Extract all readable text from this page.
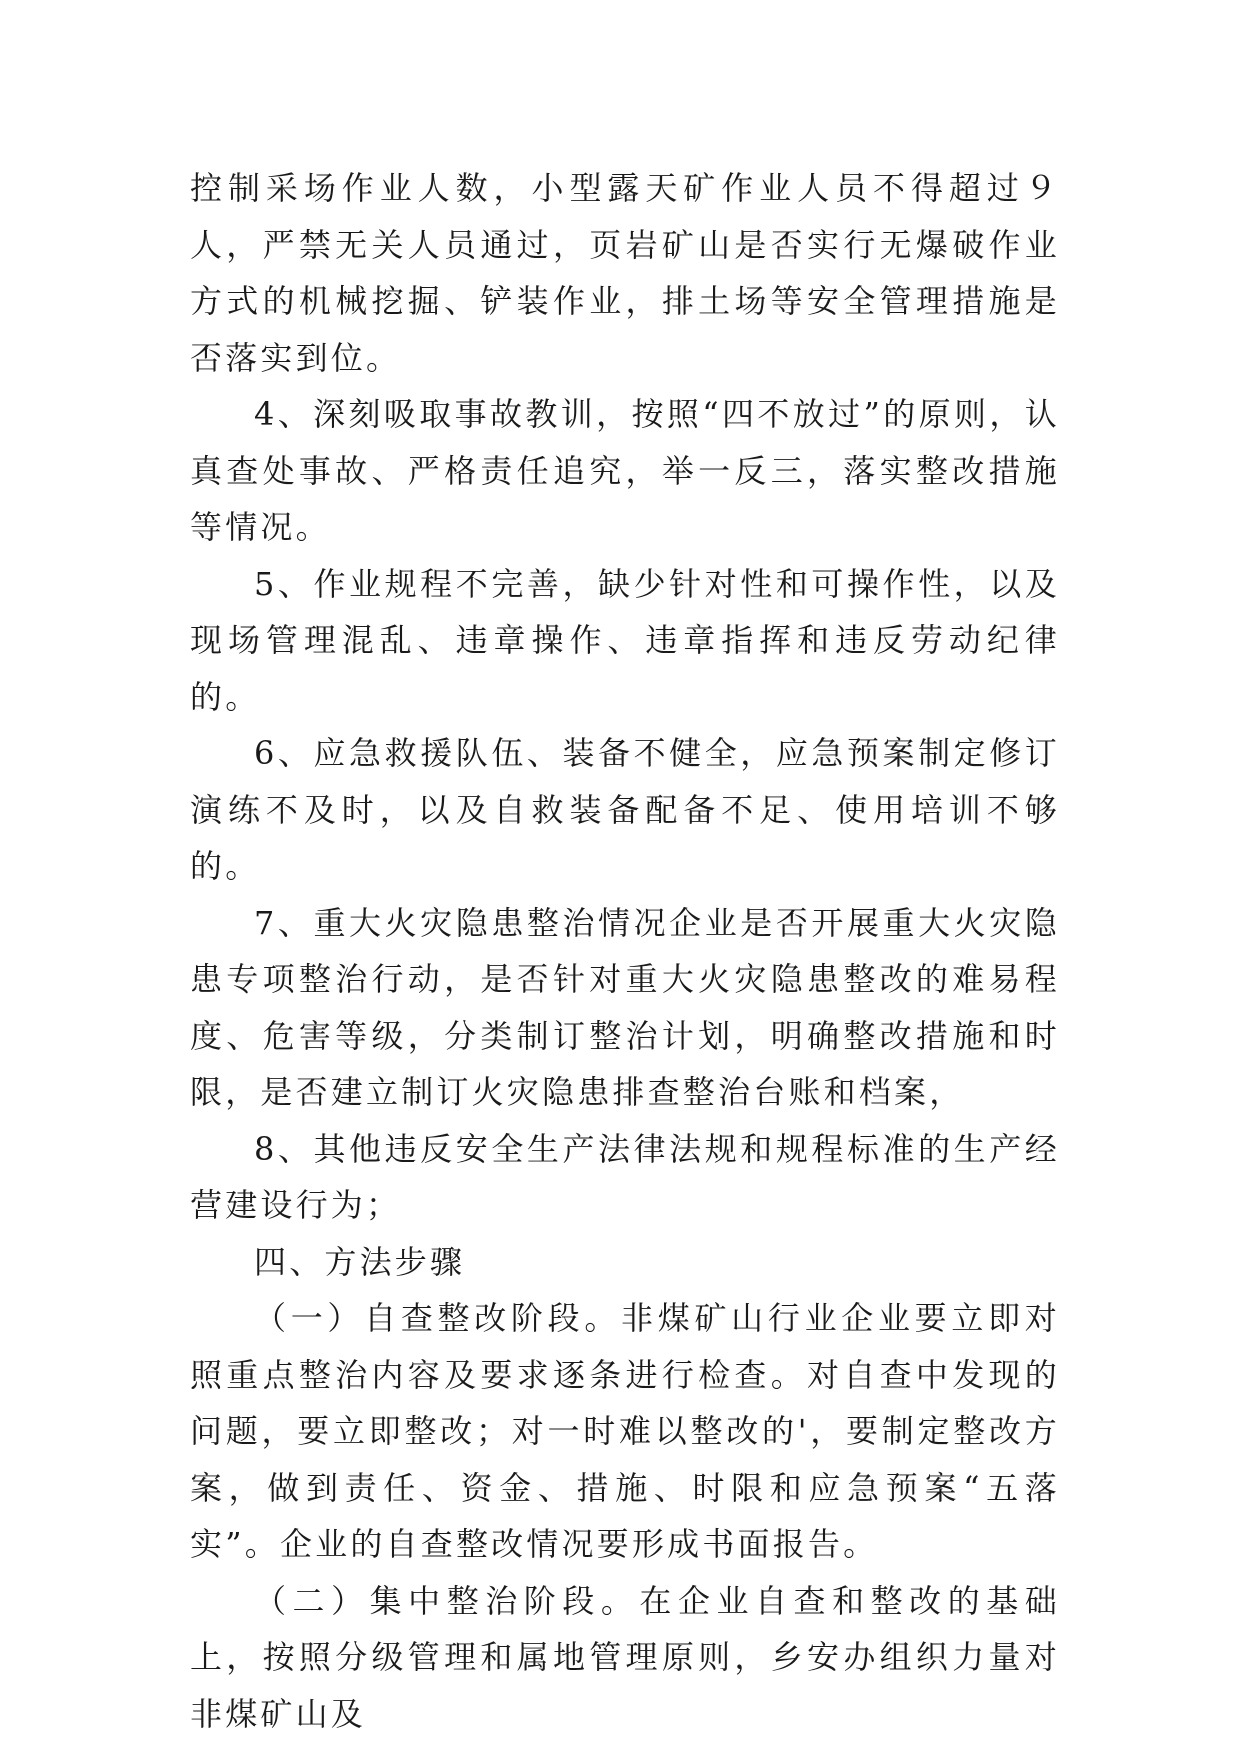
控制采场作业人数，小型露天矿作业人员不得超过９人，严禁无关人员通过，页岩矿山是否实行无爆破作业方式的机械挖掘、铲装作业，排土场等安全管理措施是否落实到位。

4、深刻吸取事故教训，按照“四不放过”的原则，认真查处事故、严格责任追究，举一反三，落实整改措施等情况。

5、作业规程不完善，缺少针对性和可操作性，以及现场管理混乱、违章操作、违章指挥和违反劳动纪律的。

6、应急救援队伍、装备不健全，应急预案制定修订演练不及时，以及自救装备配备不足、使用培训不够的。

7、重大火灾隐患整治情况企业是否开展重大火灾隐患专项整治行动，是否针对重大火灾隐患整改的难易程度、危害等级，分类制订整治计划，明确整改措施和时限，是否建立制订火灾隐患排查整治台账和档案，

8、其他违反安全生产法律法规和规程标准的生产经营建设行为；

四、方法步骤

（一）自查整改阶段。非煤矿山行业企业要立即对照重点整治内容及要求逐条进行检查。对自查中发现的问题，要立即整改；对一时难以整改的'，要制定整改方案，做到责任、资金、措施、时限和应急预案“五落实”。企业的自查整改情况要形成书面报告。

（二）集中整治阶段。在企业自查和整改的基础上，按照分级管理和属地管理原则，乡安办组织力量对非煤矿山及
